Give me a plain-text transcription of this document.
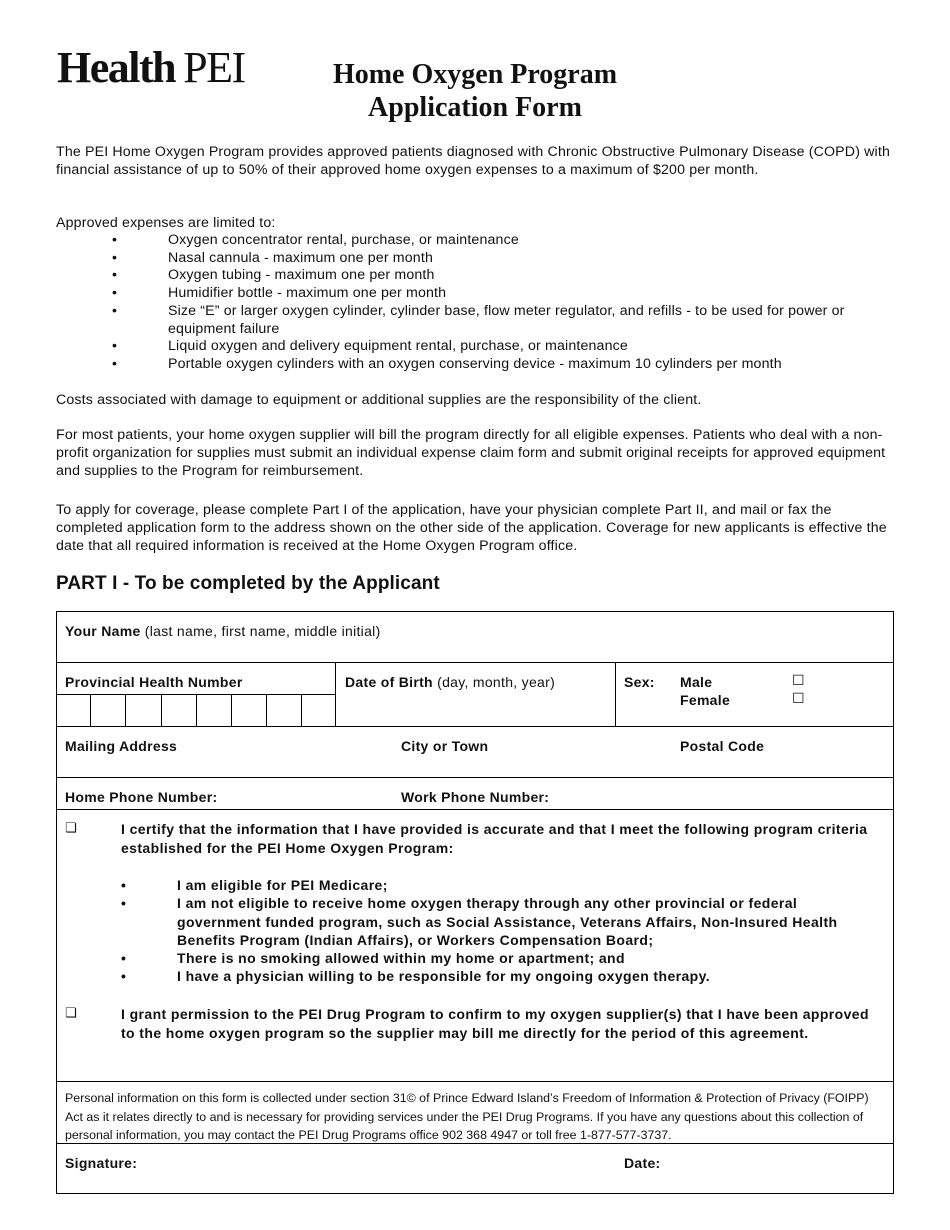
Health PEI	Home Oxygen Program
Application Form
The PEI Home Oxygen Program provides approved patients diagnosed with Chronic Obstructive Pulmonary Disease (COPD) with financial assistance of up to 50% of their approved home oxygen expenses to a maximum of $200 per month.
Approved expenses are limited to:
• Oxygen concentrator rental, purchase, or maintenance
• Nasal cannula - maximum one per month
• Oxygen tubing - maximum one per month
• Humidifier bottle - maximum one per month
• Size “E” or larger oxygen cylinder, cylinder base, flow meter regulator, and refills - to be used for power or equipment failure
• Liquid oxygen and delivery equipment rental, purchase, or maintenance
• Portable oxygen cylinders with an oxygen conserving device - maximum 10 cylinders per month
Costs associated with damage to equipment or additional supplies are the responsibility of the client.
For most patients, your home oxygen supplier will bill the program directly for all eligible expenses. Patients who deal with a non-profit organization for supplies must submit an individual expense claim form and submit original receipts for approved equipment and supplies to the Program for reimbursement.
To apply for coverage, please complete Part I of the application, have your physician complete Part II, and mail or fax the completed application form to the address shown on the other side of the application. Coverage for new applicants is effective the date that all required information is received at the Home Oxygen Program office.
PART I - To be completed by the Applicant
Your Name (last name, first name, middle initial)
Provincial Health Number	Date of Birth (day, month, year)	Sex: Male	☐
Female	☐
Mailing Address	City or Town	Postal Code
Home Phone Number:	Work Phone Number:
❏	I certify that the information that I have provided is accurate and that I meet the following program criteria established for the PEI Home Oxygen Program:
• I am eligible for PEI Medicare;
• I am not eligible to receive home oxygen therapy through any other provincial or federal government funded program, such as Social Assistance, Veterans Affairs, Non-Insured Health Benefits Program (Indian Affairs), or Workers Compensation Board;
• There is no smoking allowed within my home or apartment; and
• I have a physician willing to be responsible for my ongoing oxygen therapy.
❏	I grant permission to the PEI Drug Program to confirm to my oxygen supplier(s) that I have been approved to the home oxygen program so the supplier may bill me directly for the period of this agreement.
Personal information on this form is collected under section 31© of Prince Edward Island’s Freedom of Information & Protection of Privacy (FOIPP) Act as it relates directly to and is necessary for providing services under the PEI Drug Programs. If you have any questions about this collection of personal information, you may contact the PEI Drug Programs office 902 368 4947 or toll free 1-877-577-3737.
Signature:	Date:
